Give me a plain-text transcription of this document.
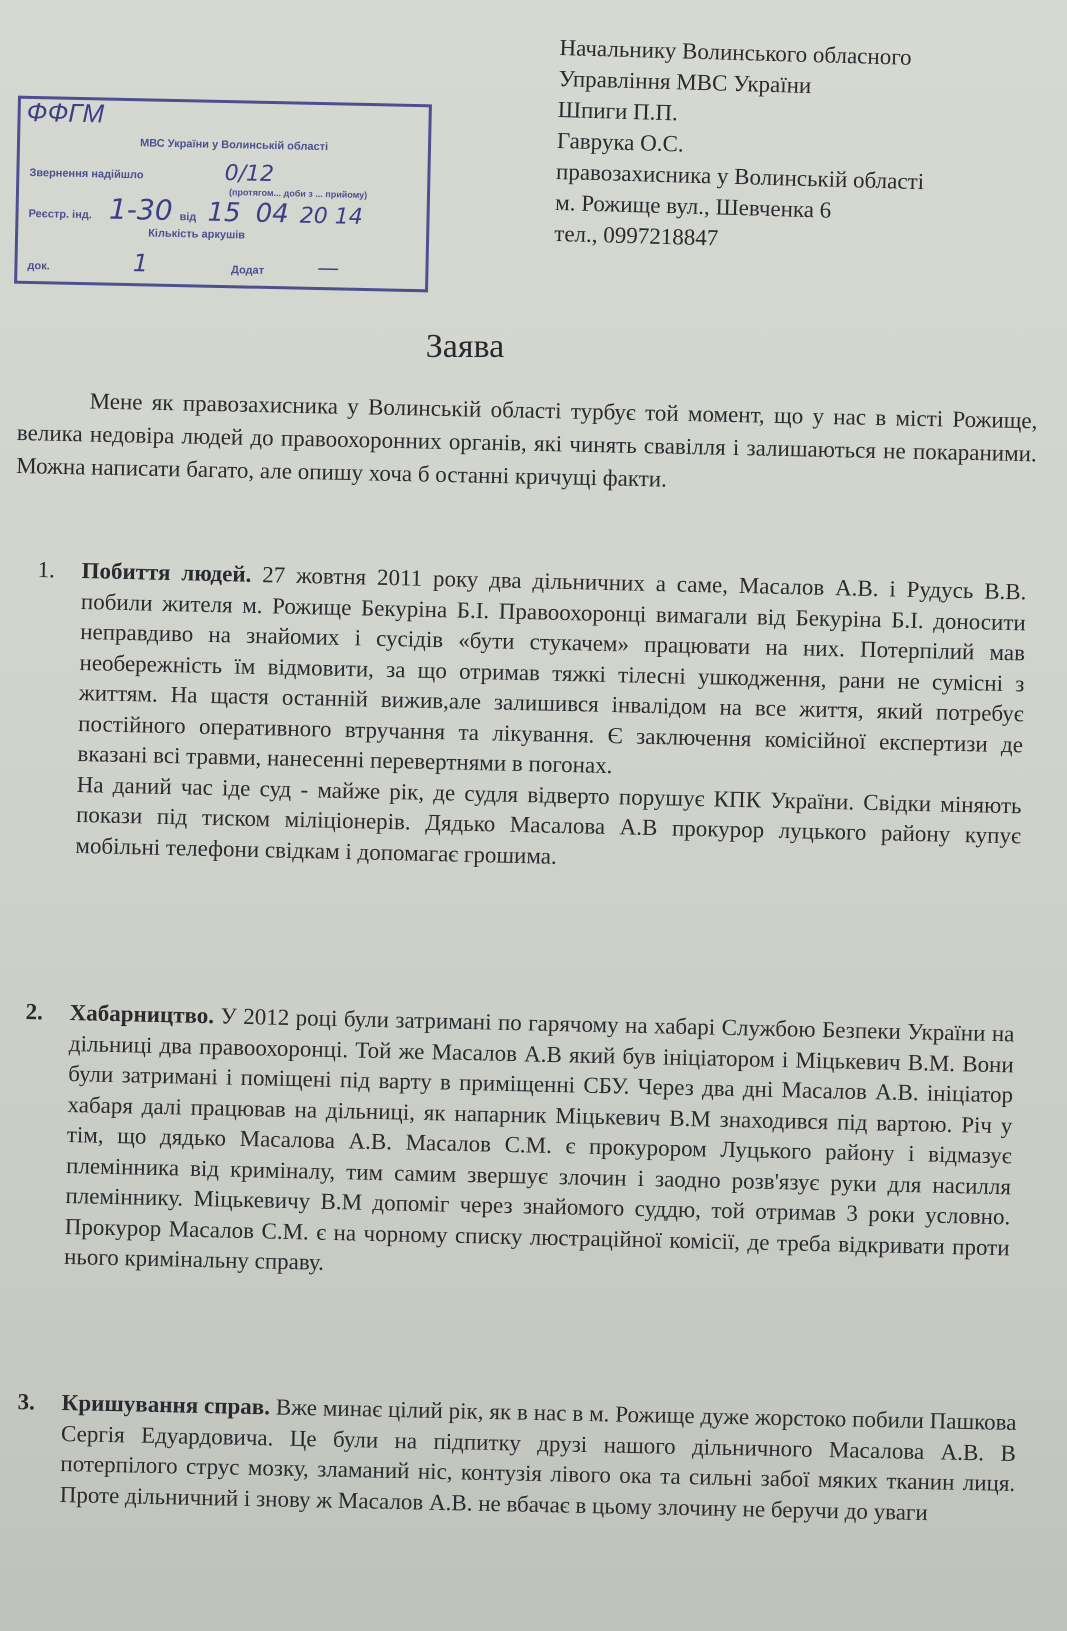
ФФГМ
МВС України у Волинській області
Звернення надійшло	0/12
(протягом... доби з ... прийому)
Реєстр. інд. 1-30 від 15 04 20 14
Кількість аркушів
док.	1	Додат —
Начальнику Волинського обласного
Управління МВС України
Шпиги П.П.
Гаврука О.С.
правозахисника у Волинській області
м. Рожище вул., Шевченка 6
тел., 0997218847
Заява
Мене як правозахисника у Волинській області турбує той момент, що у нас в місті Рожище, велика недовіра людей до правоохоронних органів, які чинять свавілля і залишаються не покараними. Можна написати багато, але опишу хоча б останні кричущі факти.
1. Побиття людей. 27 жовтня 2011 року два дільничних а саме, Масалов А.В. і Рудусь В.В. побили жителя м. Рожище Бекуріна Б.І. Правоохоронці вимагали від Бекуріна Б.І. доносити неправдиво на знайомих і сусідів «бути стукачем» працювати на них. Потерпілий мав необережність їм відмовити, за що отримав тяжкі тілесні ушкодження, рани не сумісні з життям. На щастя останній вижив,але залишився інвалідом на все життя, який потребує постійного оперативного втручання та лікування. Є заключення комісійної експертизи де вказані всі травми, нанесенні перевертнями в погонах.
На даний час іде суд - майже рік, де судля відверто порушує КПК України. Свідки міняють покази під тиском міліціонерів. Дядько Масалова А.В прокурор луцького району купує мобільні телефони свідкам і допомагає грошима.
2. Хабарництво. У 2012 році були затримані по гарячому на хабарі Службою Безпеки України на дільниці два правоохоронці. Той же Масалов А.В який був ініціатором і Міцькевич В.М. Вони були затримані і поміщені під варту в приміщенні СБУ. Через два дні Масалов А.В. ініціатор хабаря далі працював на дільниці, як напарник Міцькевич В.М знаходився під вартою. Річ у тім, що дядько Масалова А.В. Масалов С.М. є прокурором Луцького району і відмазує племінника від криміналу, тим самим звершує злочин і заодно розв'язує руки для насилля племіннику. Міцькевичу В.М допоміг через знайомого суддю, той отримав 3 роки условно. Прокурор Масалов С.М. є на чорному списку люстраційної комісії, де треба відкривати проти нього кримінальну справу.
3. Кришування справ. Вже минає цілий рік, як в нас в м. Рожище дуже жорстоко побили Пашкова Сергія Едуардовича. Це були на підпитку друзі нашого дільничного Масалова А.В. В потерпілого струс мозку, зламаний ніс, контузія лівого ока та сильні забої мяких тканин лиця. Проте дільничний і знову ж Масалов А.В. не вбачає в цьому злочину не беручи до уваги
